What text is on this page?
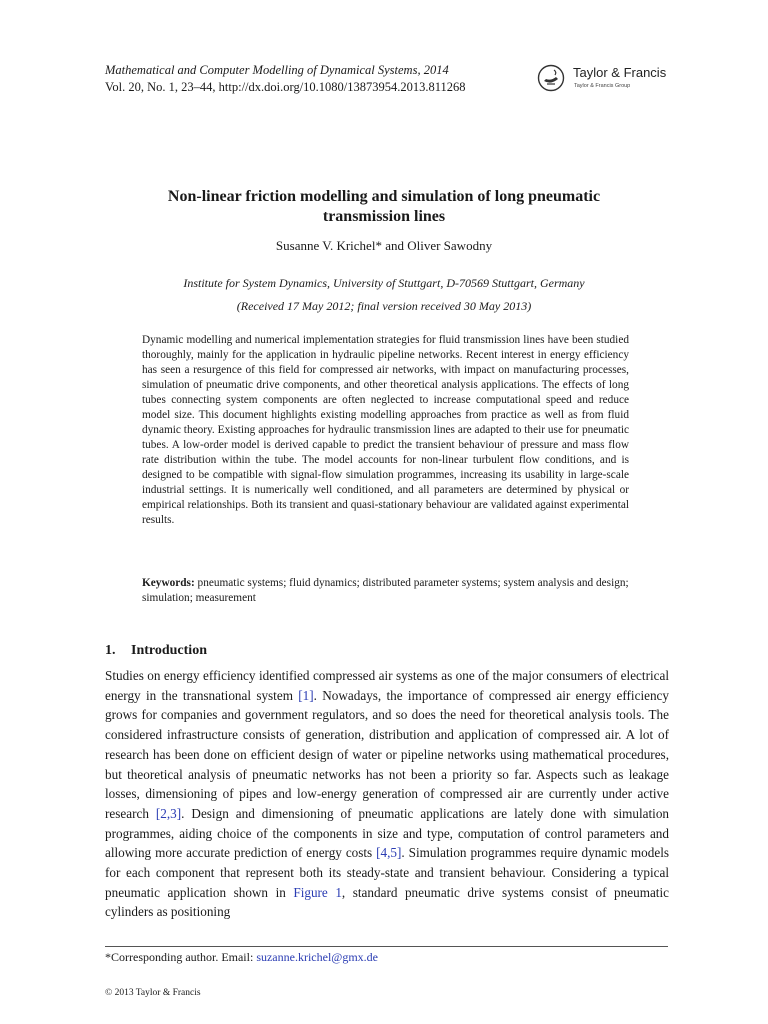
Mathematical and Computer Modelling of Dynamical Systems, 2014
Vol. 20, No. 1, 23–44, http://dx.doi.org/10.1080/13873954.2013.811268
Taylor & Francis
Taylor & Francis Group
Non-linear friction modelling and simulation of long pneumatic
transmission lines
Susanne V. Krichel* and Oliver Sawodny
Institute for System Dynamics, University of Stuttgart, D-70569 Stuttgart, Germany
(Received 17 May 2012; final version received 30 May 2013)
Dynamic modelling and numerical implementation strategies for fluid transmission lines have been studied thoroughly, mainly for the application in hydraulic pipeline networks. Recent interest in energy efficiency has seen a resurgence of this field for compressed air networks, with impact on manufacturing processes, simulation of pneumatic drive components, and other theoretical analysis applications. The effects of long tubes connecting system components are often neglected to increase computational speed and reduce model size. This document highlights existing modelling approaches from practice as well as from fluid dynamic theory. Existing approaches for hydraulic transmission lines are adapted to their use for pneumatic tubes. A low-order model is derived capable to predict the transient behaviour of pressure and mass flow rate distribution within the tube. The model accounts for non-linear turbulent flow conditions, and is designed to be compatible with signal-flow simulation programmes, increasing its usability in large-scale industrial settings. It is numerically well conditioned, and all parameters are determined by physical or empirical relationships. Both its transient and quasi-stationary behaviour are validated against experimental results.
Keywords: pneumatic systems; fluid dynamics; distributed parameter systems; system analysis and design; simulation; measurement
1. Introduction
Studies on energy efficiency identified compressed air systems as one of the major consumers of electrical energy in the transnational system [1]. Nowadays, the importance of compressed air energy efficiency grows for companies and government regulators, and so does the need for theoretical analysis tools. The considered infrastructure consists of generation, distribution and application of compressed air. A lot of research has been done on efficient design of water or pipeline networks using mathematical procedures, but theoretical analysis of pneumatic networks has not been a priority so far. Aspects such as leakage losses, dimensioning of pipes and low-energy generation of compressed air are currently under active research [2,3]. Design and dimensioning of pneumatic applications are lately done with simulation programmes, aiding choice of the components in size and type, computation of control parameters and allowing more accurate prediction of energy costs [4,5]. Simulation programmes require dynamic models for each component that represent both its steady-state and transient behaviour. Considering a typical pneumatic application shown in Figure 1, standard pneumatic drive systems consist of pneumatic cylinders as positioning
*Corresponding author. Email: suzanne.krichel@gmx.de
© 2013 Taylor & Francis
